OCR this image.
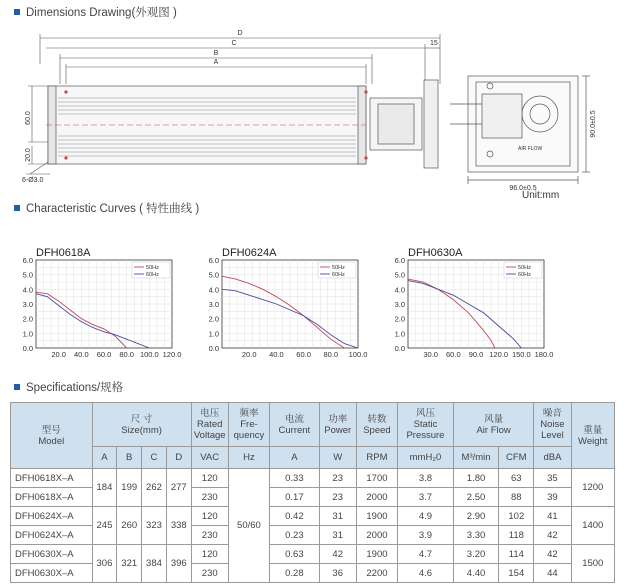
Dimensions Drawing(外观图 )
D
C
B
A
15
60.0
20.0
6-Ø3.0
96.0±0.5
90.0±0.5
AIR FLOW
Unit:mm
Characteristic Curves ( 特性曲线 )
DFH0618A
0.0
1.0
2.0
3.0
4.0
5.0
6.0
20.0 40.0 60.0 80.0 100.0 120.0
50Hz
60Hz
DFH0624A
0.0
1.0
2.0
3.0
4.0
5.0
6.0
20.0 40.0 60.0 80.0 100.0
50Hz
60Hz
DFH0630A
0.0
1.0
2.0
3.0
4.0
5.0
6.0
30.0 60.0 90.0 120.0 150.0 180.0
50Hz
60Hz
Specifications/规格
型号
Model	尺 寸
Size(mm)				电压
Rated
Voltage	频率
Fre-
quency	电流
Current	功率
Power	转数
Speed	风压
Static
Pressure	风量
Air Flow		噪音
Noise
Level	重量
Weight
	A	B	C	D	VAC	Hz	A	W	RPM	mmH₂0	M³/min	CFM	dBA	
DFH0618X–A	184	199	262	277	120	50/60	0.33	23	1700	3.8	1.80	63	35	1200
DFH0618X–A					230		0.17	23	2000	3.7	2.50	88	39	
DFH0624X–A	245	260	323	338	120		0.42	31	1900	4.9	2.90	102	41	1400
DFH0624X–A					230		0.23	31	2000	3.9	3.30	118	42	
DFH0630X–A	306	321	384	396	120		0.63	42	1900	4.7	3.20	114	42	1500
DFH0630X–A					230		0.28	36	2200	4.6	4.40	154	44	
